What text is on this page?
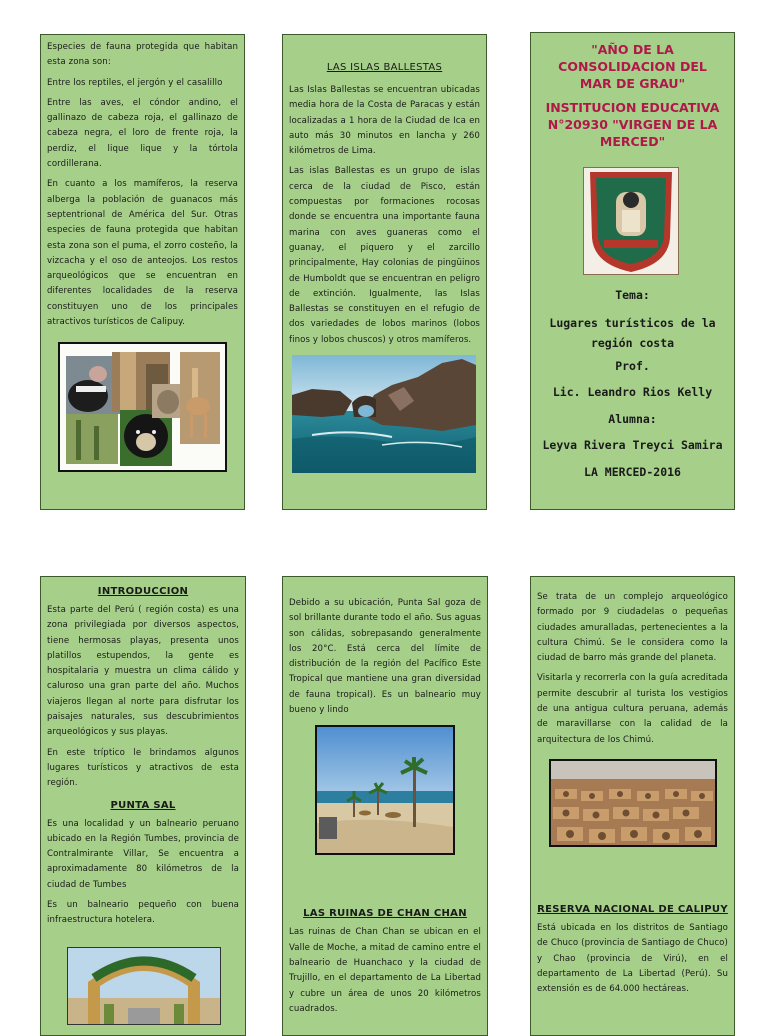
Especies de fauna protegida que habitan esta zona son:

Entre los reptiles, el jergón y el casalillo

Entre las aves, el cóndor andino, el gallinazo de cabeza roja, el gallinazo de cabeza negra, el loro de frente roja, la perdiz, el lique lique y la tórtola cordillerana.

En cuanto a los mamíferos, la reserva alberga la población de guanacos más septentrional de América del Sur. Otras especies de fauna protegida que habitan esta zona son el puma, el zorro costeño, la vizcacha y el oso de anteojos. Los restos arqueológicos que se encuentran en diferentes localidades de la reserva constituyen uno de los principales atractivos turísticos de Calipuy.

LAS ISLAS BALLESTAS

Las Islas Ballestas se encuentran ubicadas media hora de la Costa de Paracas y están localizadas a 1 hora de la Ciudad de Ica en auto más 30 minutos en lancha y 260 kilómetros de Lima.

Las islas Ballestas es un grupo de islas cerca de la ciudad de Pisco, están compuestas por formaciones rocosas donde se encuentra una importante fauna marina con aves guaneras como el guanay, el piquero y el zarcillo principalmente, Hay colonias de pingüinos de Humboldt que se encuentran en peligro de extinción. Igualmente, las Islas Ballestas se constituyen en el refugio de dos variedades de lobos marinos (lobos finos y lobos chuscos) y otros mamíferos.

"AÑO DE LA CONSOLIDACION DEL MAR DE GRAU"

INSTITUCION EDUCATIVA N°20930 "VIRGEN DE LA MERCED"

Tema:

Lugares turísticos de la región costa

Prof.

Lic. Leandro Rios Kelly

Alumna:

Leyva Rivera Treyci Samira

LA MERCED-2016

INTRODUCCION

Esta parte del Perú ( región costa) es una zona privilegiada por diversos aspectos, tiene hermosas playas, presenta unos platillos estupendos, la gente es hospitalaria y muestra un clima cálido y caluroso una gran parte del año. Muchos viajeros llegan al norte para disfrutar los paisajes naturales, sus descubrimientos arqueológicos y sus playas.

En este tríptico le brindamos algunos lugares turísticos y atractivos de esta región.

PUNTA SAL

Es una localidad y un balneario peruano ubicado en la Región Tumbes, provincia de Contralmirante Villar, Se encuentra a aproximadamente 80 kilómetros de la ciudad de Tumbes

Es un balneario pequeño con buena infraestructura hotelera.

Debido a su ubicación, Punta Sal goza de sol brillante durante todo el año. Sus aguas son cálidas, sobrepasando generalmente los 20°C. Está cerca del límite de distribución de la región del Pacífico Este Tropical que mantiene una gran diversidad de fauna tropical). Es un balneario muy bueno y lindo

LAS RUINAS DE CHAN CHAN

Las ruinas de Chan Chan se ubican en el Valle de Moche, a mitad de camino entre el balneario de Huanchaco y la ciudad de Trujillo, en el departamento de La Libertad y cubre un área de unos 20 kilómetros cuadrados.

Se trata de un complejo arqueológico formado por 9 ciudadelas o pequeñas ciudades amuralladas, pertenecientes a la cultura Chimú. Se le considera como la ciudad de barro más grande del planeta.

Visitarla y recorrerla con la guía acreditada permite descubrir al turista los vestigios de una antigua cultura peruana, además de maravillarse con la calidad de la arquitectura de los Chimú.

RESERVA NACIONAL DE CALIPUY

Está ubicada en los distritos de Santiago de Chuco (provincia de Santiago de Chuco) y Chao (provincia de Virú), en el departamento de La Libertad (Perú). Su extensión es de 64.000 hectáreas.
